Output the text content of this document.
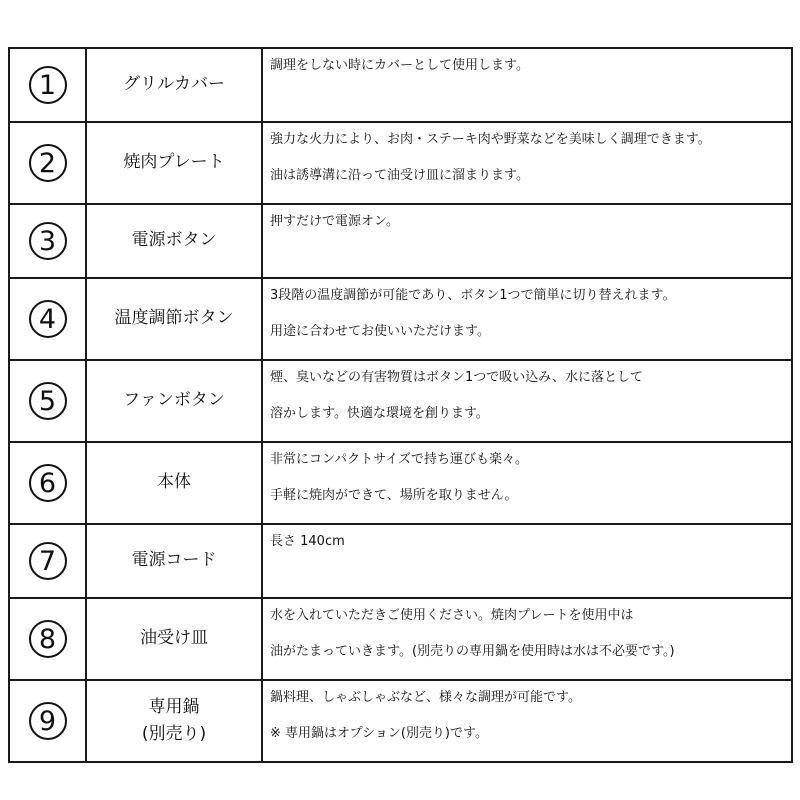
1	グリルカバー	調理をしない時にカバーとして使用します。

2	焼肉プレート	強力な火力により、お肉・ステーキ肉や野菜などを美味しく調理できます。
油は誘導溝に沿って油受け皿に溜まります。

3	電源ボタン	押すだけで電源オン。

4	温度調節ボタン	3段階の温度調節が可能であり、ボタン1つで簡単に切り替えれます。
用途に合わせてお使いいただけます。

5	ファンボタン	煙、臭いなどの有害物質はボタン1つで吸い込み、水に落として
溶かします。快適な環境を創ります。

6	本体	非常にコンパクトサイズで持ち運びも楽々。
手軽に焼肉ができて、場所を取りません。

7	電源コード	長さ 140cm

8	油受け皿	水を入れていただきご使用ください。焼肉プレートを使用中は
油がたまっていきます。(別売りの専用鍋を使用時は水は不必要です。)

9	専用鍋
(別売り)	鍋料理、しゃぶしゃぶなど、様々な調理が可能です。
※ 専用鍋はオプション(別売り)です。
